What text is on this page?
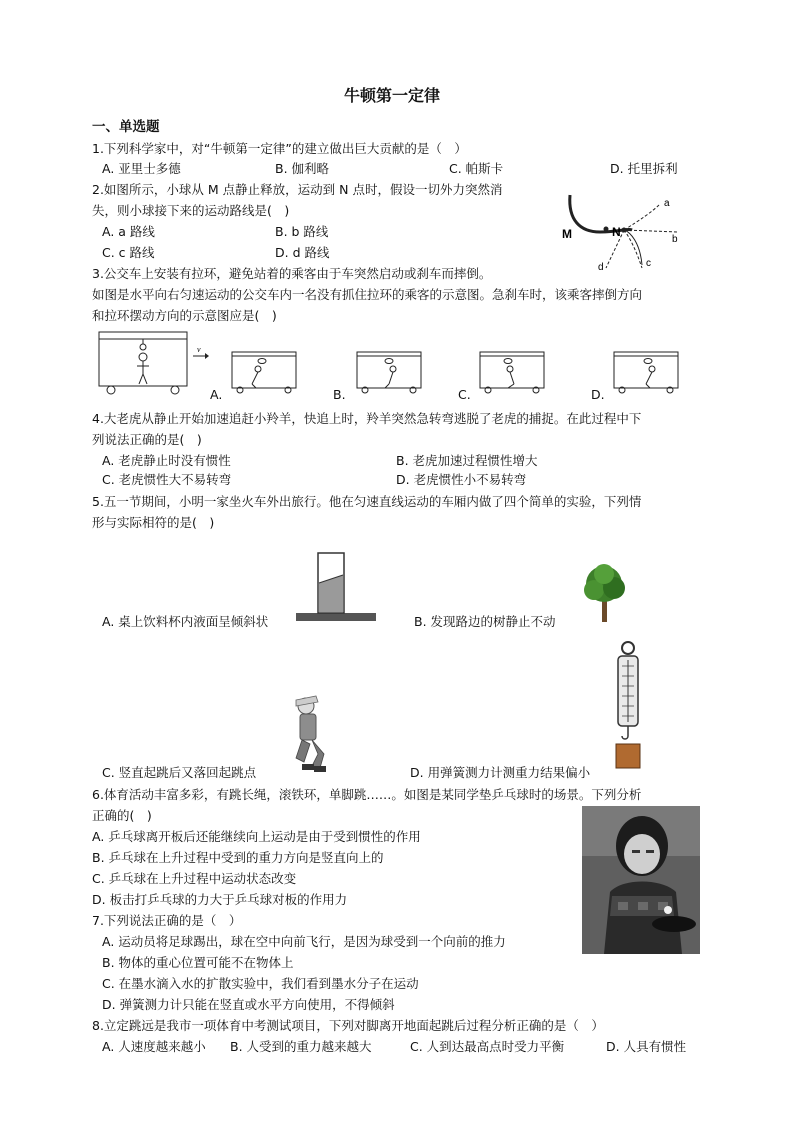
牛顿第一定律
一、单选题
1.下列科学家中，对“牛顿第一定律”的建立做出巨大贡献的是（　）
A. 亚里士多德	B. 伽利略	C. 帕斯卡	D. 托里拆利
2.如图所示，小球从 M 点静止释放，运动到 N 点时，假设一切外力突然消
失，则小球接下来的运动路线是(　)
A. a 路线	B. b 路线
C. c 路线	D. d 路线
M	N
a
b
c
d
3.公交车上安装有拉环，避免站着的乘客由于车突然启动或刹车而摔倒。
如图是水平向右匀速运动的公交车内一名没有抓住拉环的乘客的示意图。急刹车时，该乘客摔倒方向
和拉环摆动方向的示意图应是(　)
v
A.	B.	C.	D.
4.大老虎从静止开始加速追赶小羚羊，快追上时，羚羊突然急转弯逃脱了老虎的捕捉。在此过程中下
列说法正确的是(　)
A. 老虎静止时没有惯性	B. 老虎加速过程惯性增大
C. 老虎惯性大不易转弯	D. 老虎惯性小不易转弯
5.五一节期间，小明一家坐火车外出旅行。他在匀速直线运动的车厢内做了四个简单的实验，下列情
形与实际相符的是(　)
A. 桌上饮料杯内液面呈倾斜状	B. 发现路边的树静止不动
C. 竖直起跳后又落回起跳点	D. 用弹簧测力计测重力结果偏小
6.体育活动丰富多彩，有跳长绳，滚铁环，单脚跳……。如图是某同学垫乒乓球时的场景。下列分析
正确的(　)
A. 乒乓球离开板后还能继续向上运动是由于受到惯性的作用
B. 乒乓球在上升过程中受到的重力方向是竖直向上的
C. 乒乓球在上升过程中运动状态改变
D. 板击打乒乓球的力大于乒乓球对板的作用力
7.下列说法正确的是（　）
A. 运动员将足球踢出，球在空中向前飞行，是因为球受到一个向前的推力
B. 物体的重心位置可能不在物体上
C. 在墨水滴入水的扩散实验中，我们看到墨水分子在运动
D. 弹簧测力计只能在竖直或水平方向使用，不得倾斜
8.立定跳远是我市一项体育中考测试项目，下列对脚离开地面起跳后过程分析正确的是（　）
A. 人速度越来越小 B. 人受到的重力越来越大	C. 人到达最高点时受力平衡	D. 人具有惯性
